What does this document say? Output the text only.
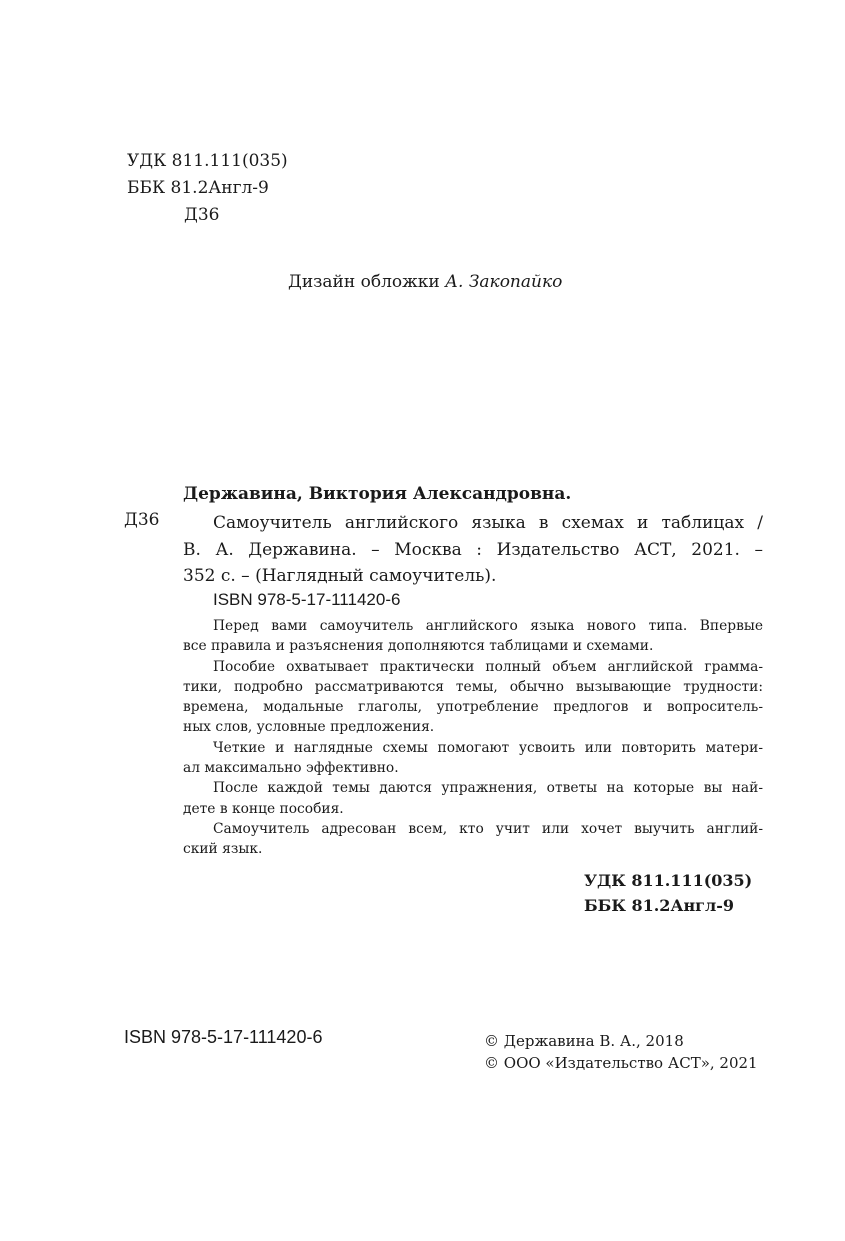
УДК 811.111(035)
ББК 81.2Англ-9
Д36
Дизайн обложки А. Закопайко
Державина, Виктория Александровна.
Д36	Самоучитель английского языка в схемах и таблицах /
В. А. Державина. – Москва : Издательство АСТ, 2021. –
352 с. – (Наглядный самоучитель).
ISBN 978-5-17-111420-6

Перед вами самоучитель английского языка нового типа. Впервые
все правила и разъяснения дополняются таблицами и схемами.

Пособие охватывает практически полный объем английской грамма-
тики, подробно рассматриваются темы, обычно вызывающие трудности:
времена, модальные глаголы, употребление предлогов и вопроситель-
ных слов, условные предложения.

Четкие и наглядные схемы помогают усвоить или повторить матери-
ал максимально эффективно.

После каждой темы даются упражнения, ответы на которые вы най-
дете в конце пособия.

Самоучитель адресован всем, кто учит или хочет выучить англий-
ский язык.

УДК 811.111(035)
ББК 81.2Англ-9
ISBN 978-5-17-111420-6	© Державина В. А., 2018
© ООО «Издательство АСТ», 2021
